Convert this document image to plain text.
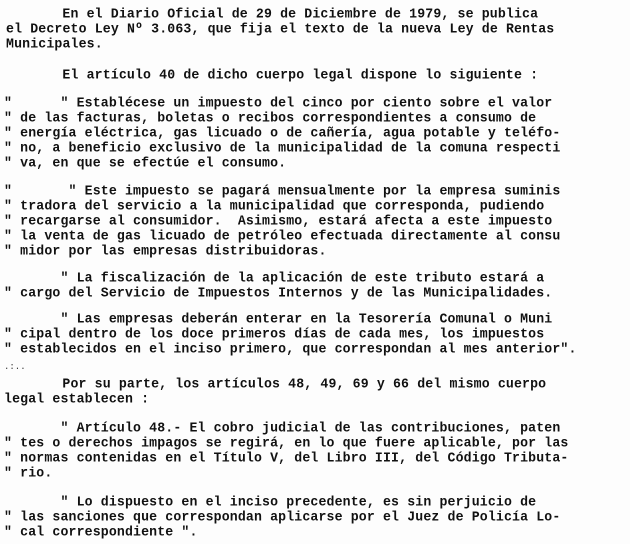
En el Diario Oficial de 29 de Diciembre de 1979, se publica
el Decreto Ley Nº 3.063, que fija el texto de la nueva Ley de Rentas
Municipales.
El artículo 40 de dicho cuerpo legal dispone lo siguiente :
"      " Establécese un impuesto del cinco por ciento sobre el valor
" de las facturas, boletas o recibos correspondientes a consumo de
" energía eléctrica, gas licuado o de cañería, agua potable y teléfo-
" no, a beneficio exclusivo de la municipalidad de la comuna respecti
" va, en que se efectúe el consumo.
"       " Este impuesto se pagará mensualmente por la empresa suminis
" tradora del servicio a la municipalidad que corresponda, pudiendo
" recargarse al consumidor.  Asimismo, estará afecta a este impuesto
" la venta de gas licuado de petróleo efectuada directamente al consu
" midor por las empresas distribuidoras.
" La fiscalización de la aplicación de este tributo estará a
" cargo del Servicio de Impuestos Internos y de las Municipalidades.
" Las empresas deberán enterar en la Tesorería Comunal o Muni
" cipal dentro de los doce primeros días de cada mes, los impuestos
" establecidos en el inciso primero, que correspondan al mes anterior".
.:..
Por su parte, los artículos 48, 49, 69 y 66 del mismo cuerpo
legal establecen :
" Artículo 48.- El cobro judicial de las contribuciones, paten
" tes o derechos impagos se regirá, en lo que fuere aplicable, por las
" normas contenidas en el Título V, del Libro III, del Código Tributa-
" rio.
" Lo dispuesto en el inciso precedente, es sin perjuicio de
" las sanciones que correspondan aplicarse por el Juez de Policía Lo-
" cal correspondiente ".
